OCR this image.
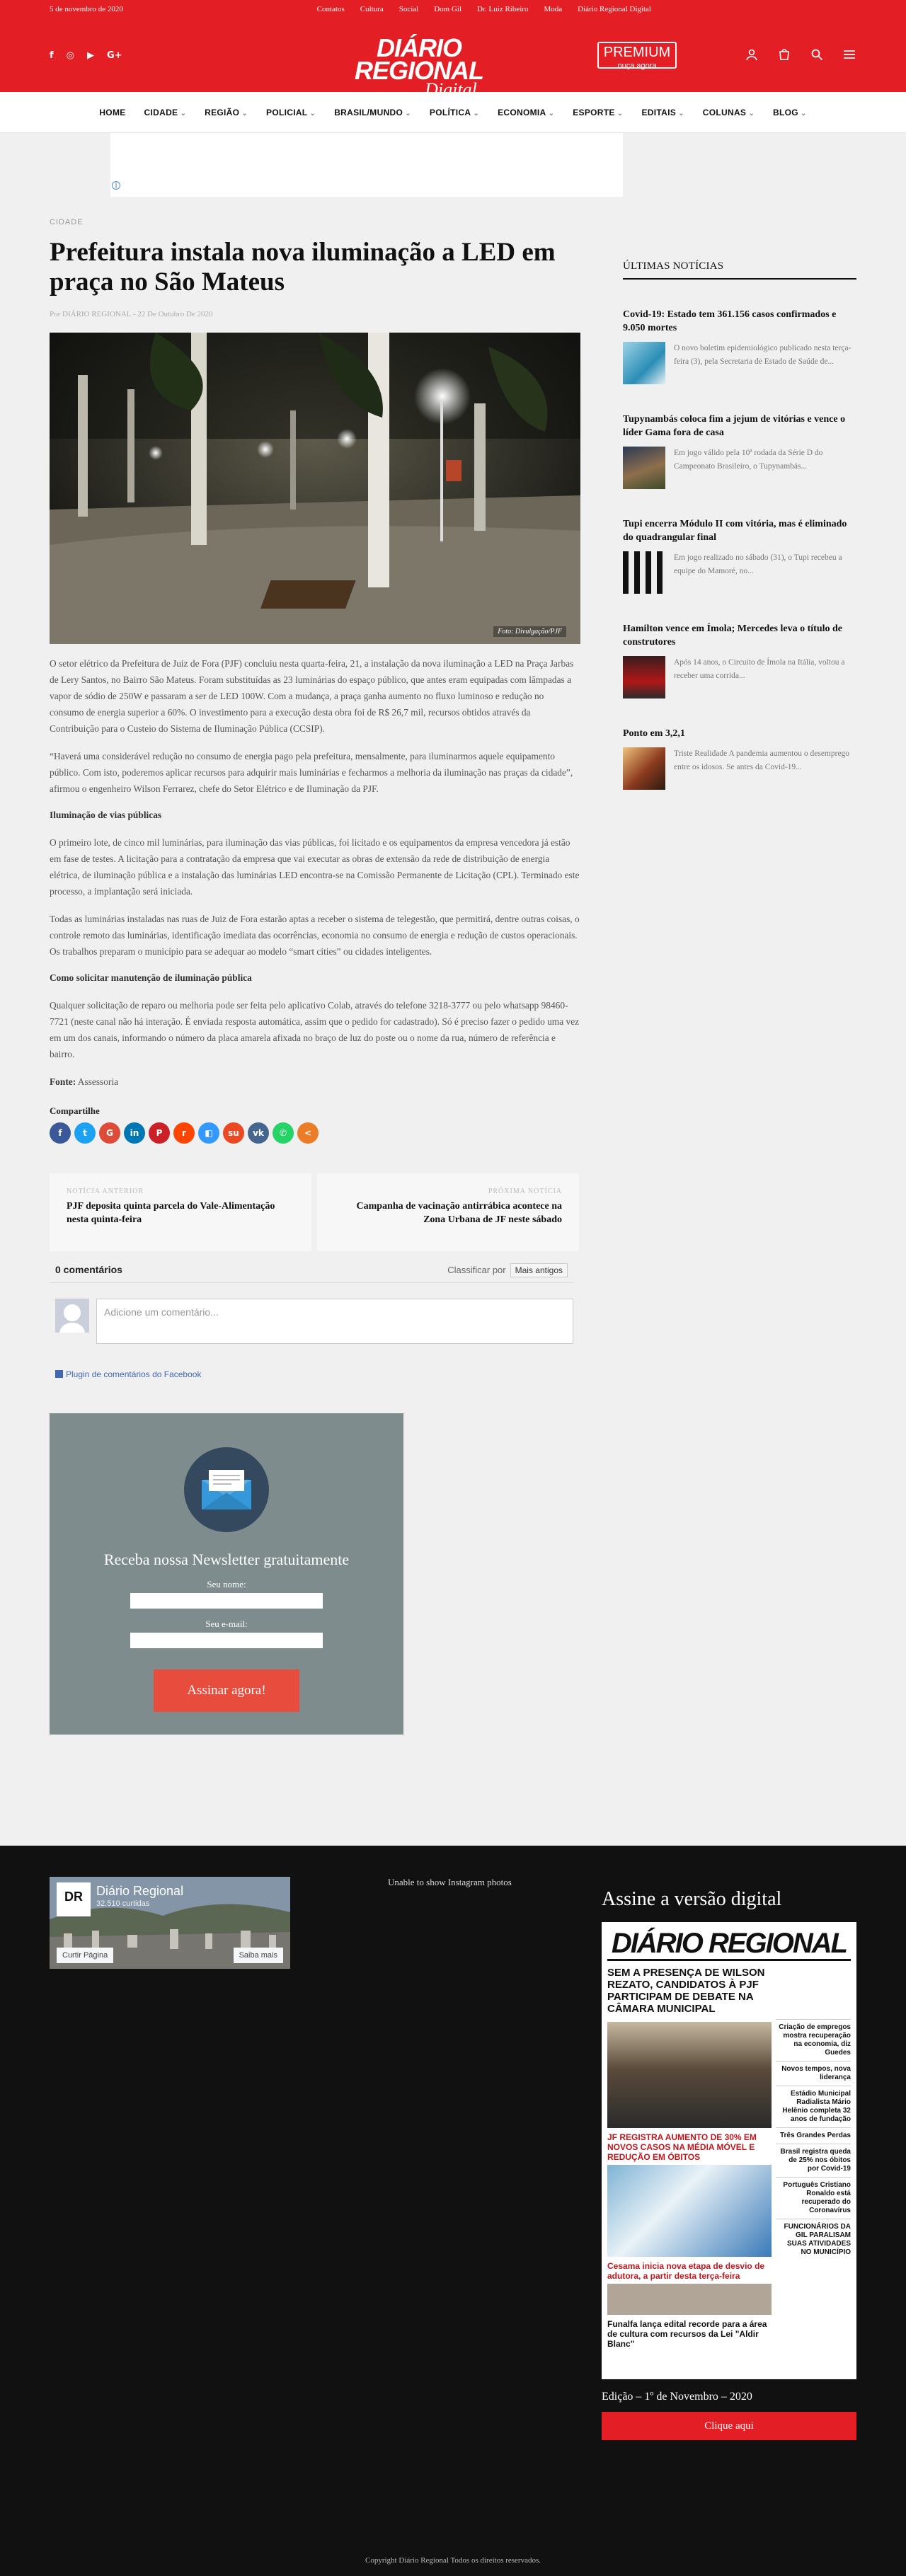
5 de novembro de 2020	Contatos Cultura Social Dom Gil Dr. Luiz Ribeiro Moda Diário Regional Digital
f ◎ ▶ G+	DIÁRIO REGIONAL
Digital
PREMIUM
ouça agora
HOME CIDADE ⌄	REGIÃO ⌄	POLICIAL ⌄	BRASIL/MUNDO ⌄	POLÍTICA ⌄	ECONOMIA ⌄	ESPORTE ⌄	EDITAIS ⌄	COLUNAS ⌄	BLOG ⌄
i
CIDADE
Prefeitura instala nova iluminação a LED em praça no São Mateus
Por DIÁRIO REGIONAL - 22 De Outubro De 2020
Foto: Divulgação/PJF

O setor elétrico da Prefeitura de Juiz de Fora (PJF) concluiu nesta quarta-feira, 21, a instalação da nova iluminação a LED na Praça Jarbas de Lery Santos, no Bairro São Mateus. Foram substituídas as 23 luminárias do espaço público, que antes eram equipadas com lâmpadas a vapor de sódio de 250W e passaram a ser de LED 100W. Com a mudança, a praça ganha aumento no fluxo luminoso e redução no consumo de energia superior a 60%. O investimento para a execução desta obra foi de R$ 26,7 mil, recursos obtidos através da Contribuição para o Custeio do Sistema de Iluminação Pública (CCSIP).

“Haverá uma considerável redução no consumo de energia pago pela prefeitura, mensalmente, para iluminarmos aquele equipamento público. Com isto, poderemos aplicar recursos para adquirir mais luminárias e fecharmos a melhoria da iluminação nas praças da cidade”, afirmou o engenheiro Wilson Ferrarez, chefe do Setor Elétrico e de Iluminação da PJF.

Iluminação de vias públicas

O primeiro lote, de cinco mil luminárias, para iluminação das vias públicas, foi licitado e os equipamentos da empresa vencedora já estão em fase de testes. A licitação para a contratação da empresa que vai executar as obras de extensão da rede de distribuição de energia elétrica, de iluminação pública e a instalação das luminárias LED encontra-se na Comissão Permanente de Licitação (CPL). Terminado este processo, a implantação será iniciada.

Todas as luminárias instaladas nas ruas de Juiz de Fora estarão aptas a receber o sistema de telegestão, que permitirá, dentre outras coisas, o controle remoto das luminárias, identificação imediata das ocorrências, economia no consumo de energia e redução de custos operacionais. Os trabalhos preparam o município para se adequar ao modelo “smart cities” ou cidades inteligentes.

Como solicitar manutenção de iluminação pública

Qualquer solicitação de reparo ou melhoria pode ser feita pelo aplicativo Colab, através do telefone 3218-3777 ou pelo whatsapp 98460-7721 (neste canal não há interação. É enviada resposta automática, assim que o pedido for cadastrado). Só é preciso fazer o pedido uma vez em um dos canais, informando o número da placa amarela afixada no braço de luz do poste ou o nome da rua, número de referência e bairro.

Fonte: Assessoria

Compartilhe
f	t	G	in	P	r	◧	su	vk	✆	<
NOTÍCIA ANTERIOR
PJF deposita quinta parcela do Vale-Alimentação nesta quinta-feira
PRÓXIMA NOTÍCIA
Campanha de vacinação antirrábica acontece na Zona Urbana de JF neste sábado
0 comentários	Classificar por Mais antigos
Adicione um comentário...
Plugin de comentários do Facebook
Receba nossa Newsletter gratuitamente
Seu nome:
Seu e-mail:
Assinar agora!
ÚLTIMAS NOTÍCIAS
Covid-19: Estado tem 361.156 casos confirmados e 9.050 mortes

O novo boletim epidemiológico publicado nesta terça-feira (3), pela Secretaria de Estado de Saúde de...

Tupynambás coloca fim a jejum de vitórias e vence o líder Gama fora de casa

Em jogo válido pela 10ª rodada da Série D do Campeonato Brasileiro, o Tupynambás...

Tupi encerra Módulo II com vitória, mas é eliminado do quadrangular final

Em jogo realizado no sábado (31), o Tupi recebeu a equipe do Mamoré, no...

Hamilton vence em Ímola; Mercedes leva o título de construtores

Após 14 anos, o Circuito de Ímola na Itália, voltou a receber uma corrida...

Ponto em 3,2,1

Triste Realidade A pandemia aumentou o desemprego entre os idosos. Se antes da Covid-19...

DR	Diário Regional
32.510 curtidas
Curtir Página	Saiba mais
Unable to show Instagram photos
Assine a versão digital
DIÁRIO REGIONAL
SEM A PRESENÇA DE WILSON REZATO, CANDIDATOS À PJF PARTICIPAM DE DEBATE NA CÂMARA MUNICIPAL
JF REGISTRA AUMENTO DE 30% EM NOVOS CASOS NA MÉDIA MÓVEL E REDUÇÃO EM ÓBITOS
Cesama inicia nova etapa de desvio de adutora, a partir desta terça-feira
Funalfa lança edital recorde para a área de cultura com recursos da Lei "Aldir Blanc"
Criação de empregos mostra recuperação na economia, diz Guedes
Novos tempos, nova liderança
Estádio Municipal Radialista Mário Helênio completa 32 anos de fundação
Três Grandes Perdas
Brasil registra queda de 25% nos óbitos por Covid-19
Português Cristiano Ronaldo está recuperado do Coronavírus
FUNCIONÁRIOS DA GIL PARALISAM SUAS ATIVIDADES NO MUNICÍPIO
Edição – 1º de Novembro – 2020
Clique aqui
Copyright Diário Regional Todos os direitos reservados.
